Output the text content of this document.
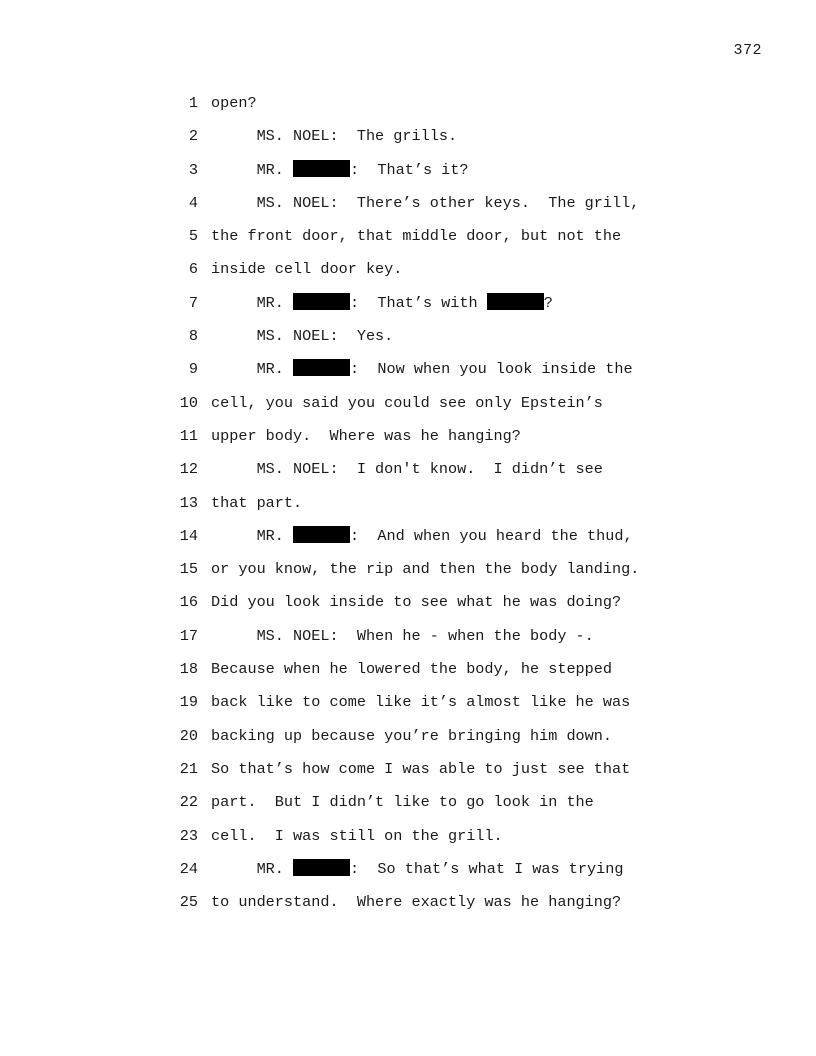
372
1 open?
2 MS. NOEL:  The grills.
3 MR.	:  That’s it?
4 MS. NOEL:  There’s other keys.  The grill,
5 the front door, that middle door, but not the
6 inside cell door key.
7 MR.	:  That’s with	?
8 MS. NOEL:  Yes.
9 MR.	:  Now when you look inside the
10 cell, you said you could see only Epstein’s
11 upper body.  Where was he hanging?
12 MS. NOEL:  I don't know.  I didn’t see
13 that part.
14 MR.	:  And when you heard the thud,
15 or you know, the rip and then the body landing.
16 Did you look inside to see what he was doing?
17 MS. NOEL:  When he - when the body -.
18 Because when he lowered the body, he stepped
19 back like to come like it’s almost like he was
20 backing up because you’re bringing him down.
21 So that’s how come I was able to just see that
22 part.  But I didn’t like to go look in the
23 cell.  I was still on the grill.
24 MR.	:  So that’s what I was trying
25 to understand.  Where exactly was he hanging?
